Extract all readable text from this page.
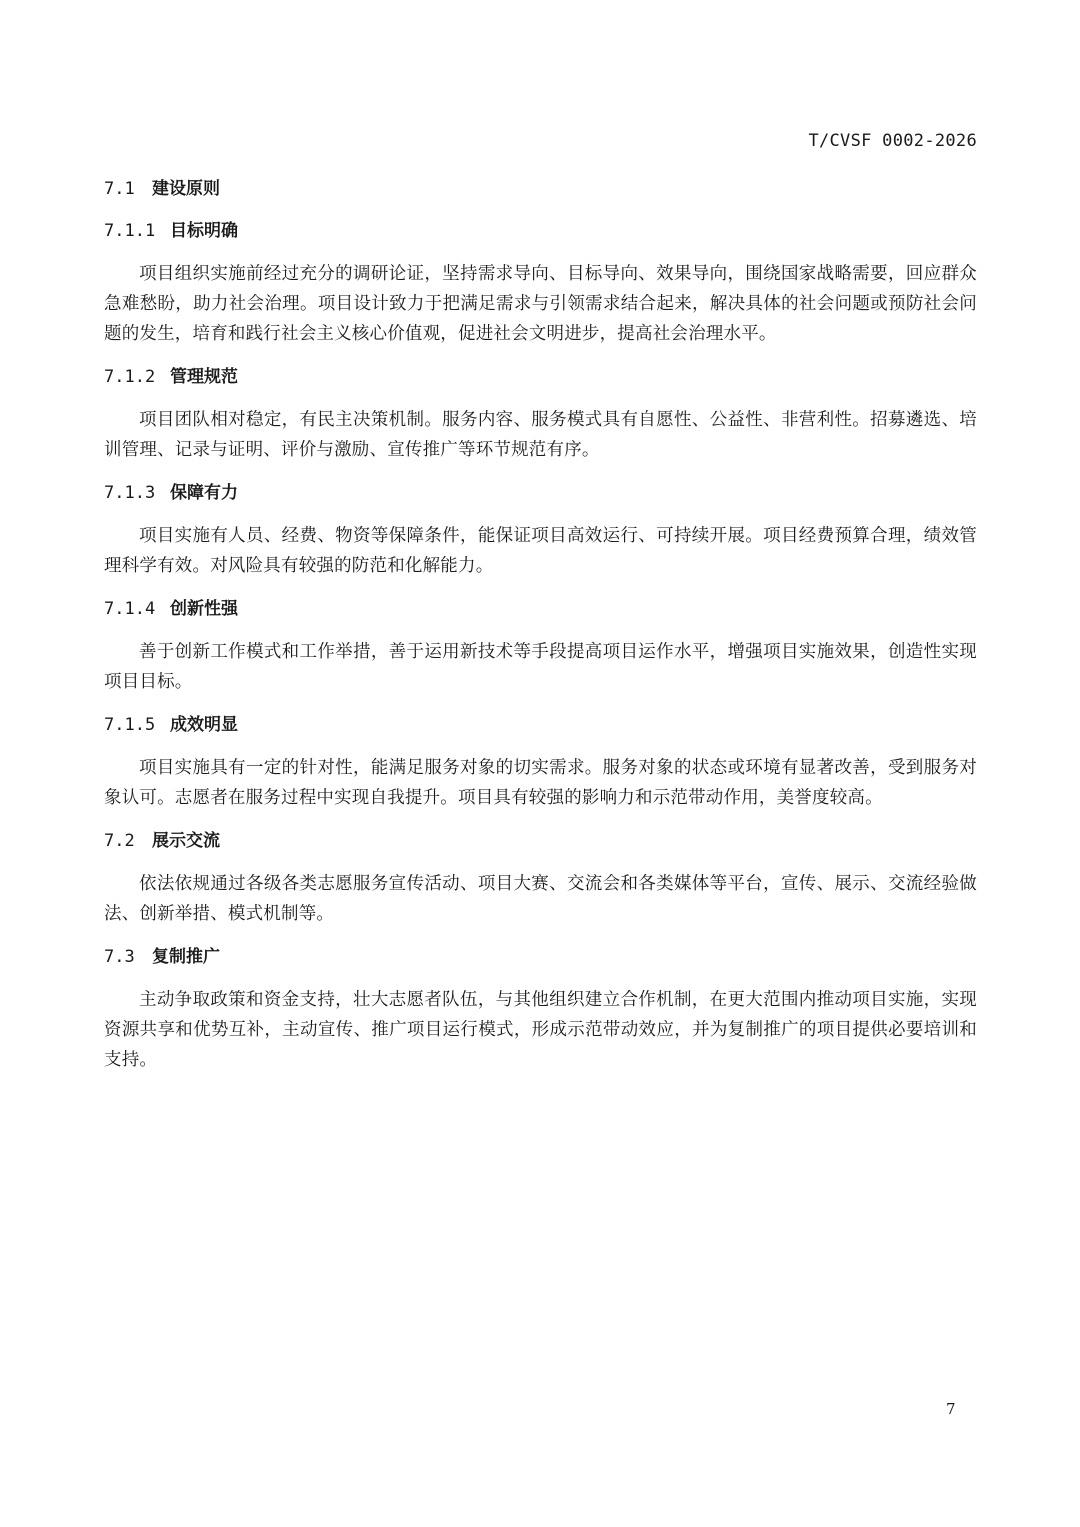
T/CVSF 0002-2026
7.1 建设原则
7.1.1 目标明确

项目组织实施前经过充分的调研论证，坚持需求导向、目标导向、效果导向，围绕国家战略需要，回应群众急难愁盼，助力社会治理。项目设计致力于把满足需求与引领需求结合起来，解决具体的社会问题或预防社会问题的发生，培育和践行社会主义核心价值观，促进社会文明进步，提高社会治理水平。

7.1.2 管理规范

项目团队相对稳定，有民主决策机制。服务内容、服务模式具有自愿性、公益性、非营利性。招募遴选、培训管理、记录与证明、评价与激励、宣传推广等环节规范有序。

7.1.3 保障有力

项目实施有人员、经费、物资等保障条件，能保证项目高效运行、可持续开展。项目经费预算合理，绩效管理科学有效。对风险具有较强的防范和化解能力。

7.1.4 创新性强

善于创新工作模式和工作举措，善于运用新技术等手段提高项目运作水平，增强项目实施效果，创造性实现项目目标。

7.1.5 成效明显

项目实施具有一定的针对性，能满足服务对象的切实需求。服务对象的状态或环境有显著改善，受到服务对象认可。志愿者在服务过程中实现自我提升。项目具有较强的影响力和示范带动作用，美誉度较高。

7.2 展示交流

依法依规通过各级各类志愿服务宣传活动、项目大赛、交流会和各类媒体等平台，宣传、展示、交流经验做法、创新举措、模式机制等。

7.3 复制推广

主动争取政策和资金支持，壮大志愿者队伍，与其他组织建立合作机制，在更大范围内推动项目实施，实现资源共享和优势互补，主动宣传、推广项目运行模式，形成示范带动效应，并为复制推广的项目提供必要培训和支持。

7
